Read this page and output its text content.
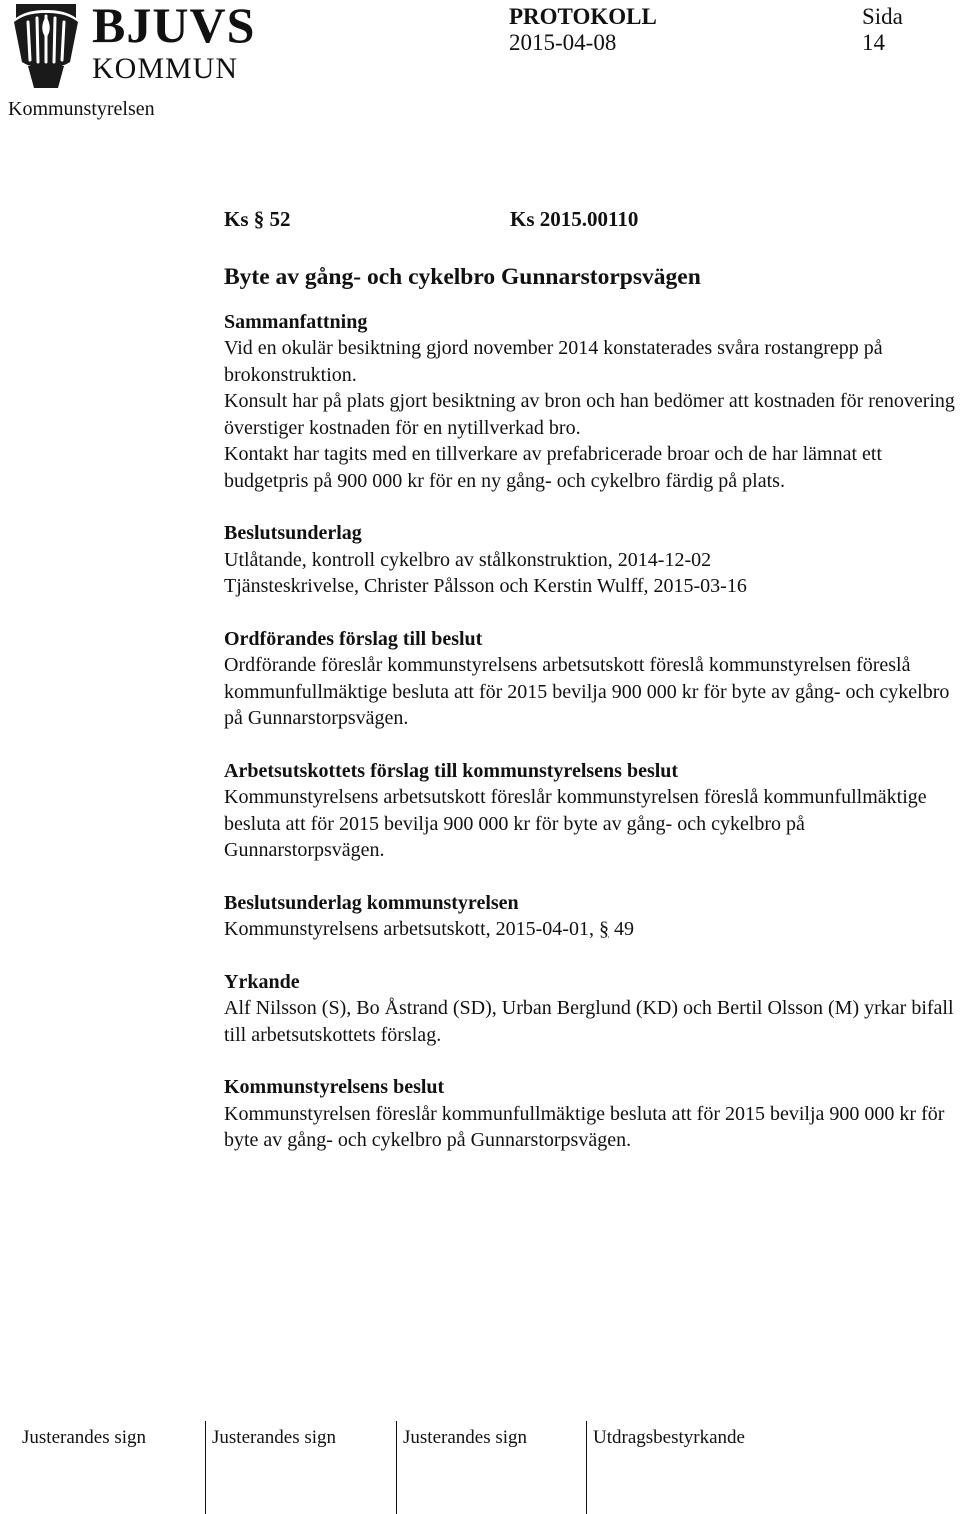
BJUVS
KOMMUN
PROTOKOLL
2015-04-08
Sida
14
Kommunstyrelsen
Ks § 52	Ks 2015.00110
Byte av gång- och cykelbro Gunnarstorpsvägen
Sammanfattning

Vid en okulär besiktning gjord november 2014 konstaterades svåra rostangrepp på brokonstruktion.

Konsult har på plats gjort besiktning av bron och han bedömer att kostnaden för renovering överstiger kostnaden för en nytillverkad bro.

Kontakt har tagits med en tillverkare av prefabricerade broar och de har lämnat ett budgetpris på 900 000 kr för en ny gång- och cykelbro färdig på plats.

Beslutsunderlag

Utlåtande, kontroll cykelbro av stålkonstruktion, 2014-12-02

Tjänsteskrivelse, Christer Pålsson och Kerstin Wulff, 2015-03-16

Ordförandes förslag till beslut

Ordförande föreslår kommunstyrelsens arbetsutskott föreslå kommunstyrelsen föreslå kommunfullmäktige besluta att för 2015 bevilja 900 000 kr för byte av gång- och cykelbro på Gunnarstorpsvägen.

Arbetsutskottets förslag till kommunstyrelsens beslut

Kommunstyrelsens arbetsutskott föreslår kommunstyrelsen föreslå kommunfullmäktige besluta att för 2015 bevilja 900 000 kr för byte av gång- och cykelbro på Gunnarstorpsvägen.

Beslutsunderlag kommunstyrelsen

Kommunstyrelsens arbetsutskott, 2015-04-01, § 49

Yrkande

Alf Nilsson (S), Bo Åstrand (SD), Urban Berglund (KD) och Bertil Olsson (M) yrkar bifall till arbetsutskottets förslag.

Kommunstyrelsens beslut

Kommunstyrelsen föreslår kommunfullmäktige besluta att för 2015 bevilja 900 000 kr för byte av gång- och cykelbro på Gunnarstorpsvägen.

Justerandes sign	Justerandes sign	Justerandes sign	Utdragsbestyrkande
